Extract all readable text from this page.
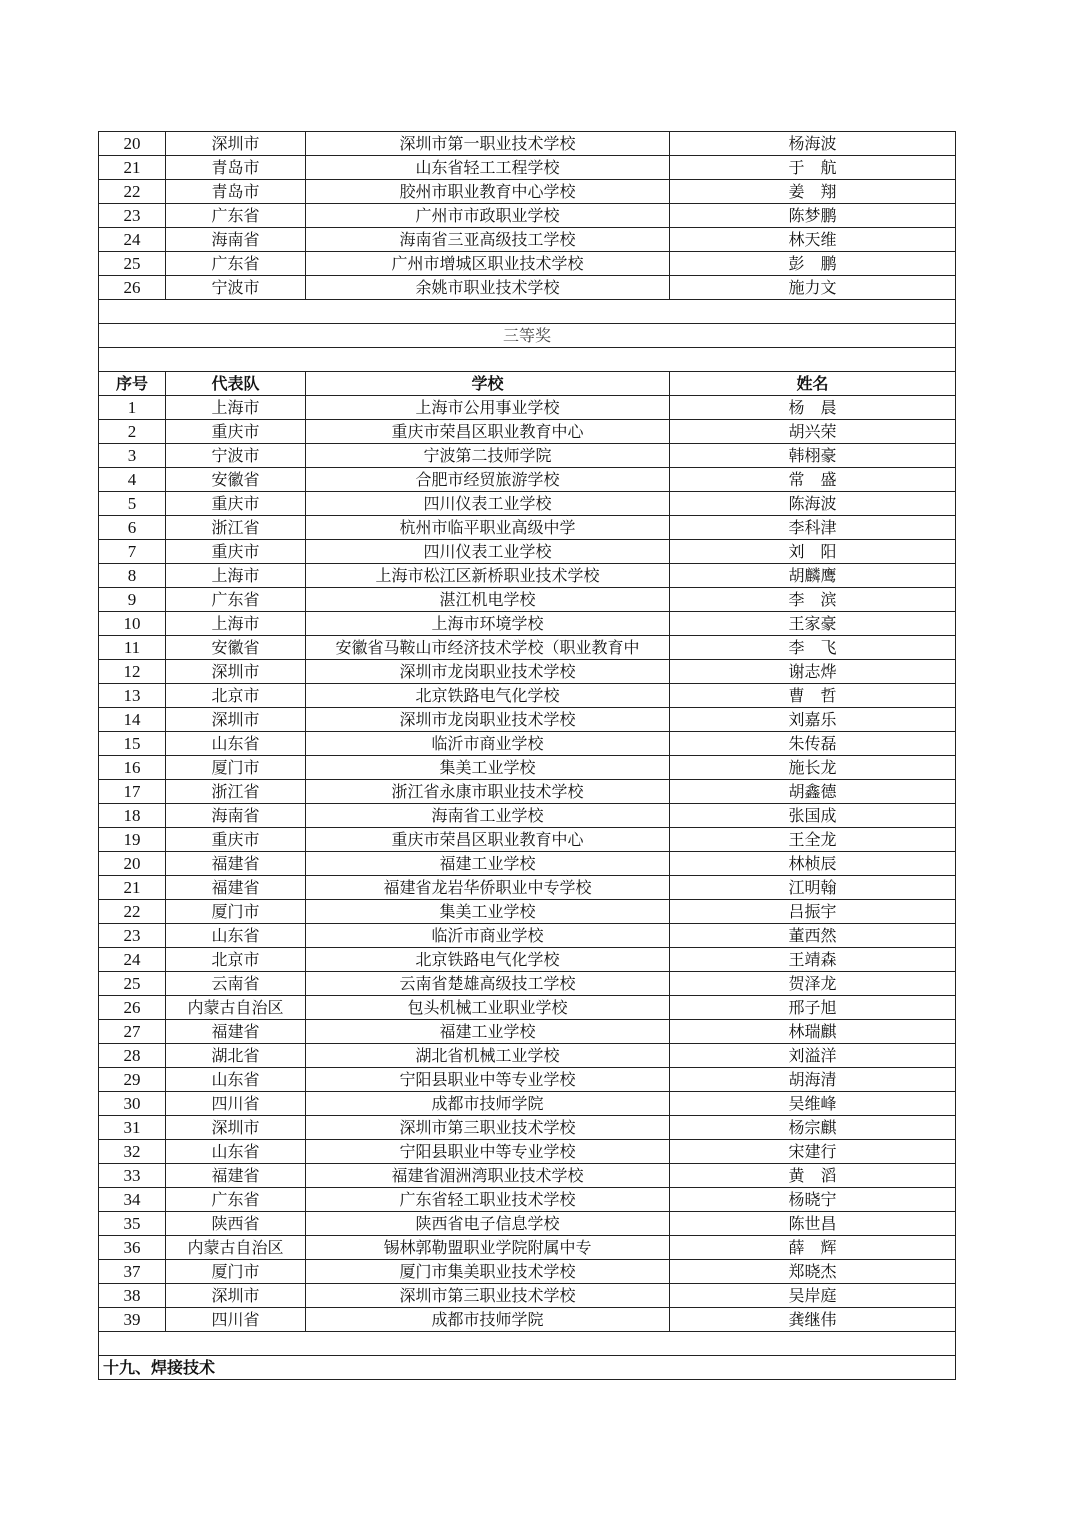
20	深圳市	深圳市第一职业技术学校	杨海波
21	青岛市	山东省轻工工程学校	于　航
22	青岛市	胶州市职业教育中心学校	姜　翔
23	广东省	广州市市政职业学校	陈梦鹏
24	海南省	海南省三亚高级技工学校	林天维
25	广东省	广州市增城区职业技术学校	彭　鹏
26	宁波市	余姚市职业技术学校	施力文

三等奖			

序号	代表队	学校	姓名
1	上海市	上海市公用事业学校	杨　晨
2	重庆市	重庆市荣昌区职业教育中心	胡兴荣
3	宁波市	宁波第二技师学院	韩栩豪
4	安徽省	合肥市经贸旅游学校	常　盛
5	重庆市	四川仪表工业学校	陈海波
6	浙江省	杭州市临平职业高级中学	李科津
7	重庆市	四川仪表工业学校	刘　阳
8	上海市	上海市松江区新桥职业技术学校	胡麟鹰
9	广东省	湛江机电学校	李　滨
10	上海市	上海市环境学校	王家豪
11	安徽省	安徽省马鞍山市经济技术学校（职业教育中	李　飞
12	深圳市	深圳市龙岗职业技术学校	谢志烨
13	北京市	北京铁路电气化学校	曹　哲
14	深圳市	深圳市龙岗职业技术学校	刘嘉乐
15	山东省	临沂市商业学校	朱传磊
16	厦门市	集美工业学校	施长龙
17	浙江省	浙江省永康市职业技术学校	胡鑫德
18	海南省	海南省工业学校	张国成
19	重庆市	重庆市荣昌区职业教育中心	王全龙
20	福建省	福建工业学校	林桢辰
21	福建省	福建省龙岩华侨职业中专学校	江明翰
22	厦门市	集美工业学校	吕振宇
23	山东省	临沂市商业学校	董西然
24	北京市	北京铁路电气化学校	王靖森
25	云南省	云南省楚雄高级技工学校	贺泽龙
26	内蒙古自治区	包头机械工业职业学校	邢子旭
27	福建省	福建工业学校	林瑞麒
28	湖北省	湖北省机械工业学校	刘溢洋
29	山东省	宁阳县职业中等专业学校	胡海清
30	四川省	成都市技师学院	吴维峰
31	深圳市	深圳市第三职业技术学校	杨宗麒
32	山东省	宁阳县职业中等专业学校	宋建行
33	福建省	福建省湄洲湾职业技术学校	黄　滔
34	广东省	广东省轻工职业技术学校	杨晓宁
35	陕西省	陕西省电子信息学校	陈世昌
36	内蒙古自治区	锡林郭勒盟职业学院附属中专	薛　辉
37	厦门市	厦门市集美职业技术学校	郑晓杰
38	深圳市	深圳市第三职业技术学校	吴岸庭
39	四川省	成都市技师学院	龚继伟

十九、焊接技术			
